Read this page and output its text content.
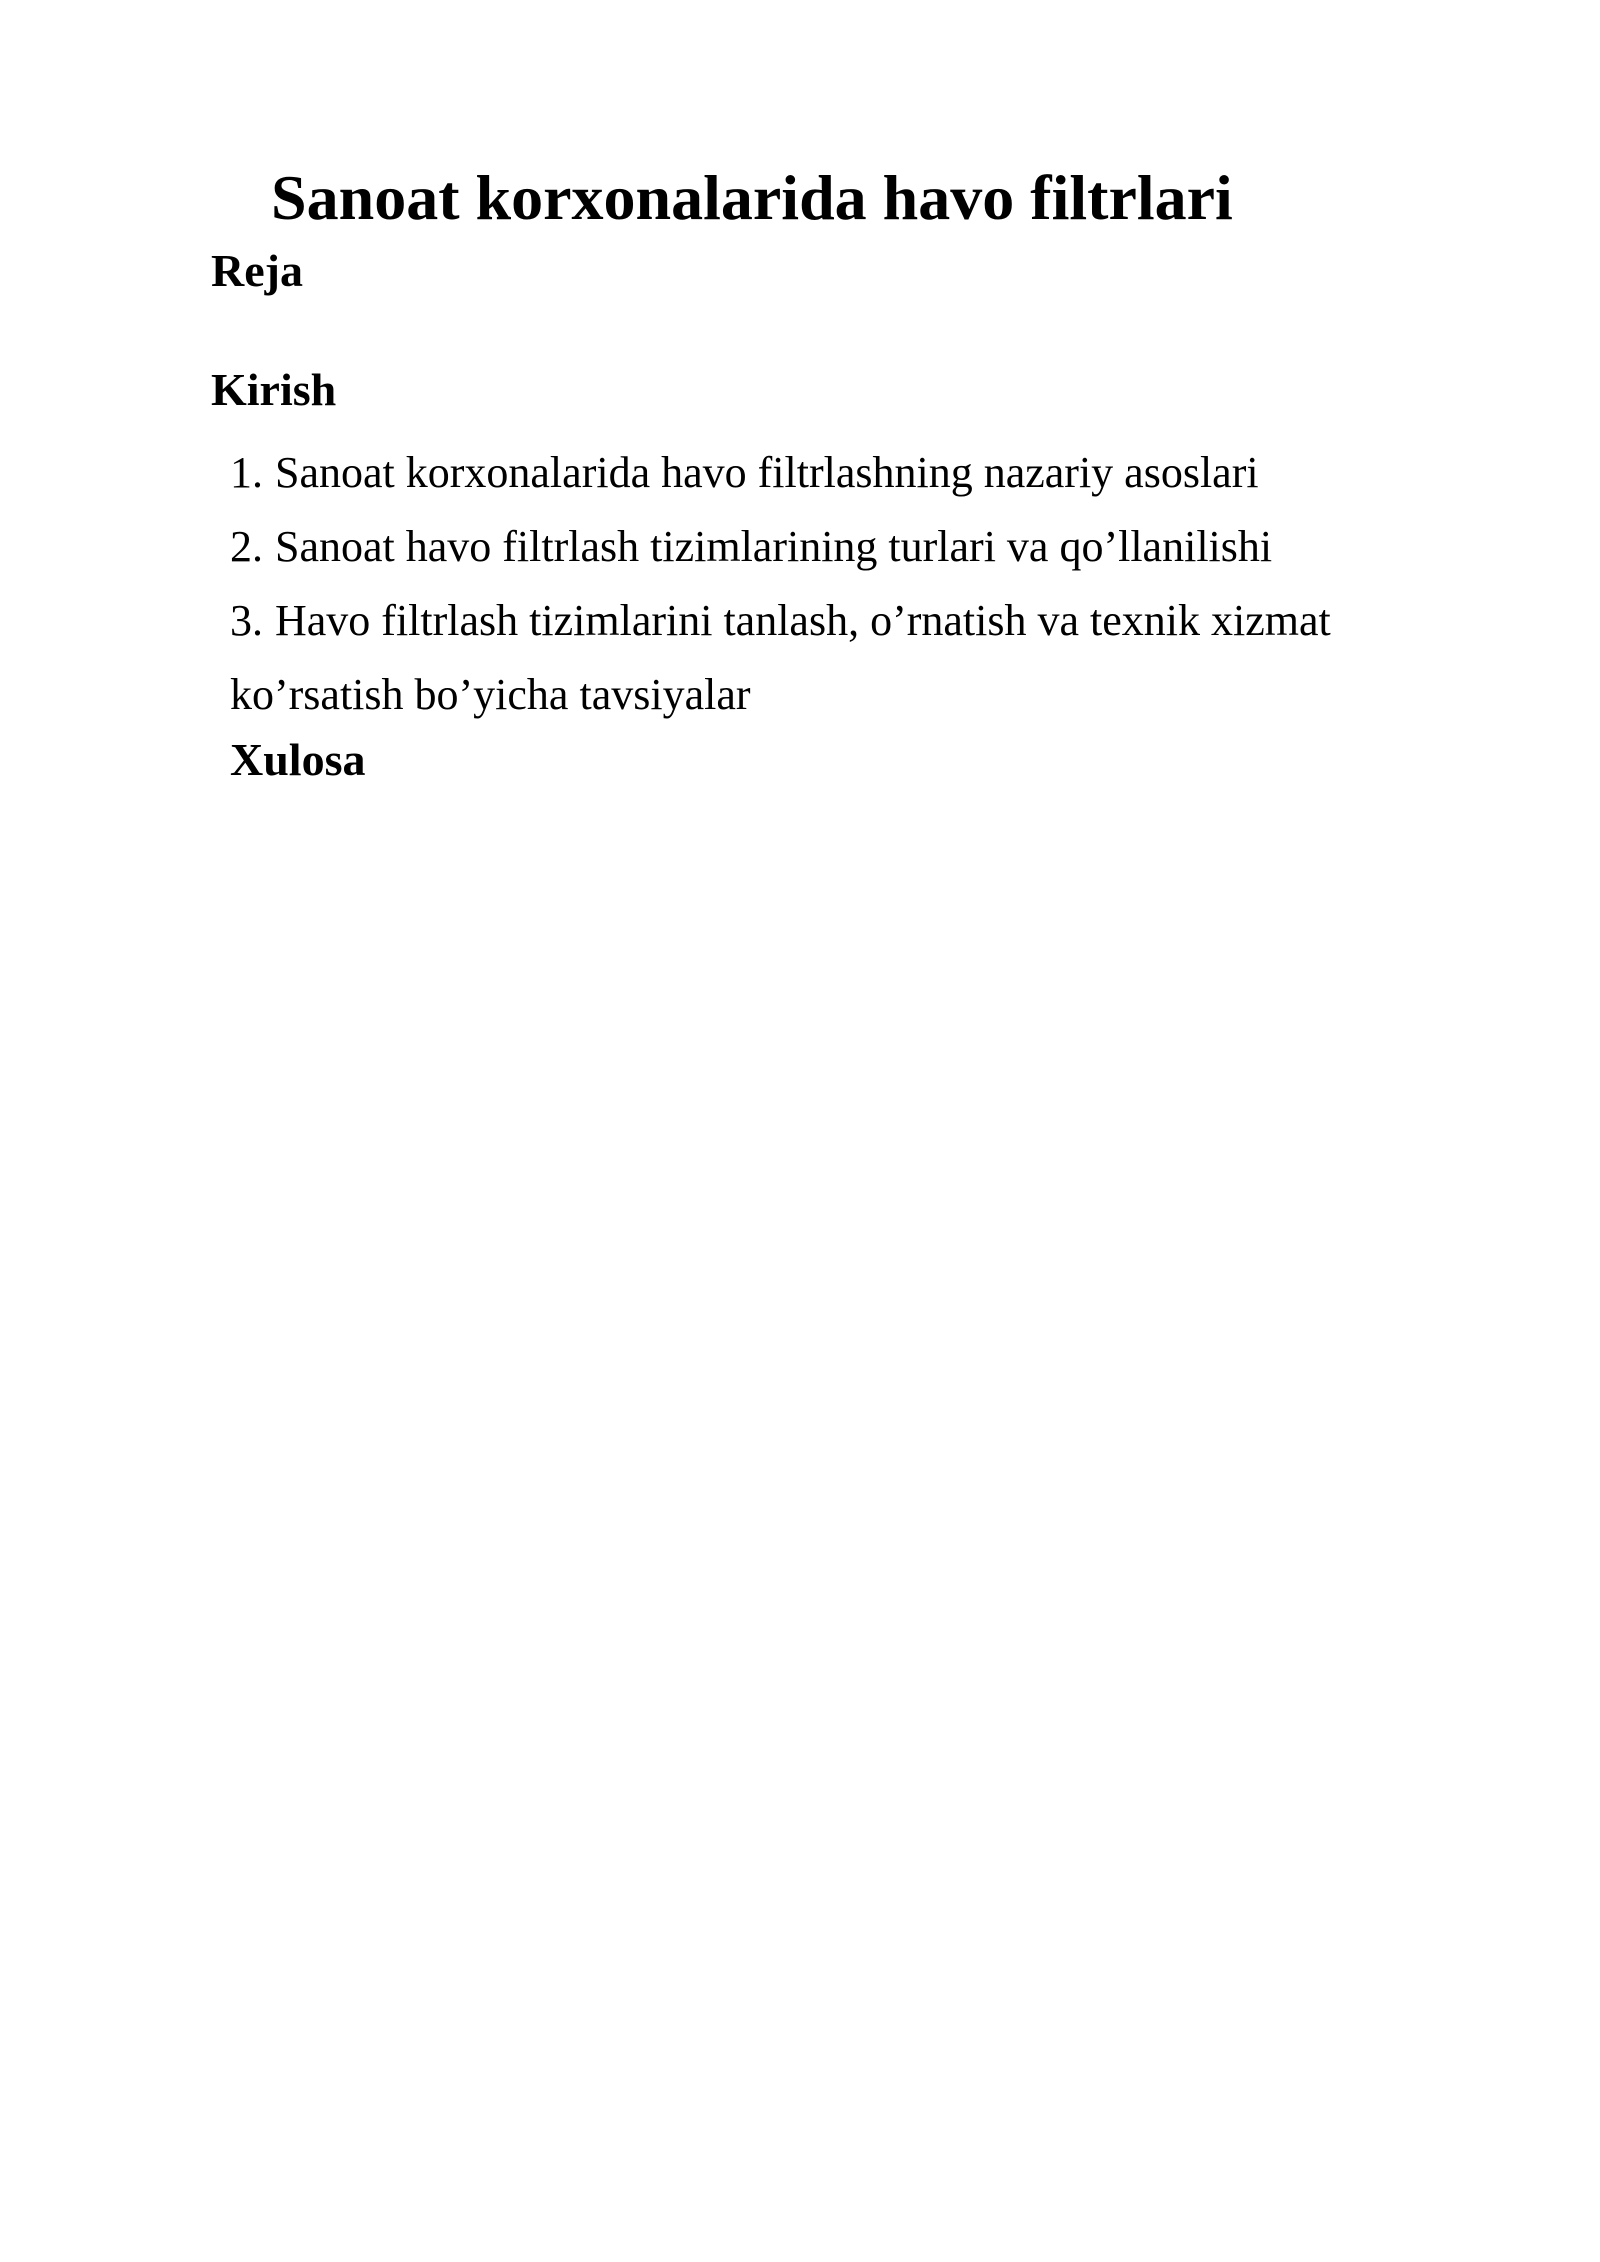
Sanoat korxonalarida havo filtrlari
Reja
Kirish
1. Sanoat korxonalarida havo filtrlashning nazariy asoslari
2. Sanoat havo filtrlash tizimlarining turlari va qo’llanilishi
3. Havo filtrlash tizimlarini tanlash, o’rnatish va texnik xizmat
ko’rsatish bo’yicha tavsiyalar
Xulosa
